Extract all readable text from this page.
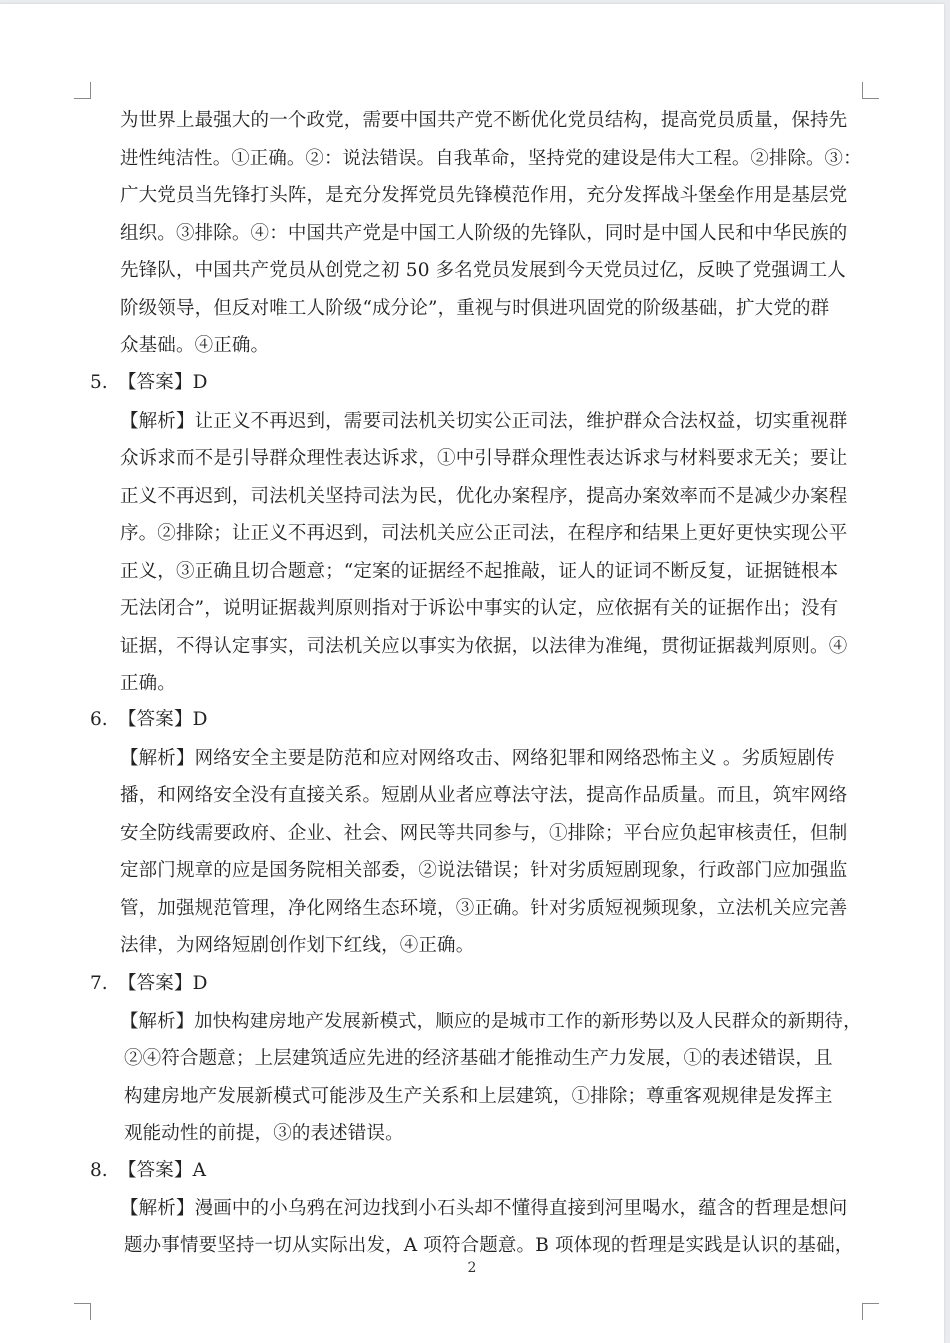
为世界上最强大的一个政党，需要中国共产党不断优化党员结构，提高党员质量，保持先
进性纯洁性。①正确。②：说法错误。自我革命，坚持党的建设是伟大工程。②排除。③：
广大党员当先锋打头阵，是充分发挥党员先锋模范作用，充分发挥战斗堡垒作用是基层党
组织。③排除。④：中国共产党是中国工人阶级的先锋队，同时是中国人民和中华民族的
先锋队，中国共产党员从创党之初 50 多名党员发展到今天党员过亿，反映了党强调工人
阶级领导，但反对唯工人阶级“成分论”，重视与时俱进巩固党的阶级基础，扩大党的群
众基础。④正确。
5. 【答案】D
【解析】让正义不再迟到，需要司法机关切实公正司法，维护群众合法权益，切实重视群
众诉求而不是引导群众理性表达诉求，①中引导群众理性表达诉求与材料要求无关；要让
正义不再迟到，司法机关坚持司法为民，优化办案程序，提高办案效率而不是减少办案程
序。②排除；让正义不再迟到，司法机关应公正司法，在程序和结果上更好更快实现公平
正义，③正确且切合题意；“定案的证据经不起推敲，证人的证词不断反复，证据链根本
无法闭合”，说明证据裁判原则指对于诉讼中事实的认定，应依据有关的证据作出；没有
证据，不得认定事实，司法机关应以事实为依据，以法律为准绳，贯彻证据裁判原则。④
正确。
6. 【答案】D
【解析】网络安全主要是防范和应对网络攻击、网络犯罪和网络恐怖主义 。劣质短剧传
播，和网络安全没有直接关系。短剧从业者应尊法守法，提高作品质量。而且，筑牢网络
安全防线需要政府、企业、社会、网民等共同参与，①排除；平台应负起审核责任，但制
定部门规章的应是国务院相关部委，②说法错误；针对劣质短剧现象，行政部门应加强监
管，加强规范管理，净化网络生态环境，③正确。针对劣质短视频现象，立法机关应完善
法律，为网络短剧创作划下红线，④正确。
7. 【答案】D
【解析】加快构建房地产发展新模式，顺应的是城市工作的新形势以及人民群众的新期待，
②④符合题意；上层建筑适应先进的经济基础才能推动生产力发展，①的表述错误，且
构建房地产发展新模式可能涉及生产关系和上层建筑，①排除；尊重客观规律是发挥主
观能动性的前提，③的表述错误。
8. 【答案】A
【解析】漫画中的小乌鸦在河边找到小石头却不懂得直接到河里喝水，蕴含的哲理是想问
题办事情要坚持一切从实际出发，A 项符合题意。B 项体现的哲理是实践是认识的基础，
2
